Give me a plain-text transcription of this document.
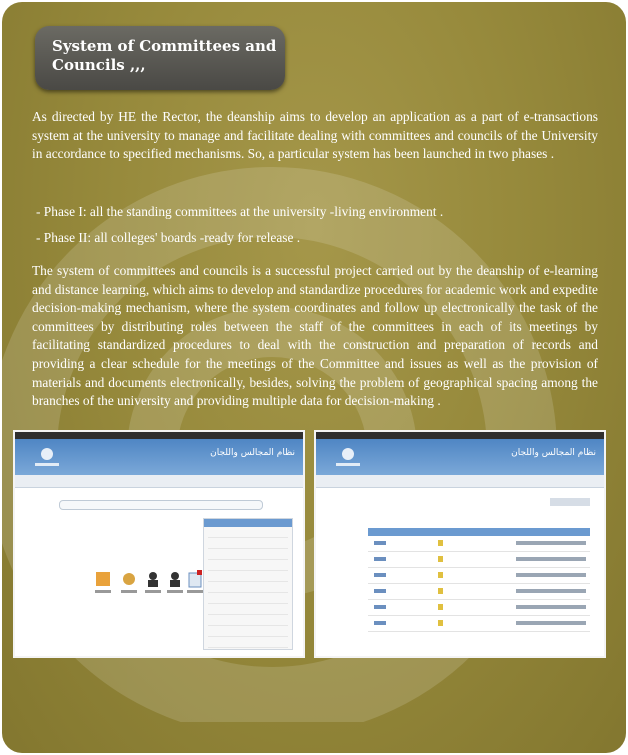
System of Committees and
Councils ,,,

As directed by HE the Rector, the deanship aims to develop an application as a part of e-transactions system at the university to manage and facilitate dealing with committees and councils of the University in accordance to specified mechanisms. So, a particular system has been launched in two phases .

- Phase I: all the standing committees at the university -living environment .
- Phase II: all colleges' boards -ready for release .

The system of committees and councils is a successful project carried out by the deanship of e-learning and distance learning, which aims to develop and standardize procedures for academic work and expedite decision-making mechanism, where the system coordinates and follow up electronically the task of the committees by distributing roles between the staff of the committees in each of its meetings by facilitating standardized procedures to deal with the construction and preparation of records and providing a clear schedule for the meetings of the Committee and issues as well as the provision of materials and documents electronically, besides, solving the problem of geographical spacing among the branches of the university and providing multiple data for decision-making .

نظام المجالس واللجان	نظام المجالس واللجان
